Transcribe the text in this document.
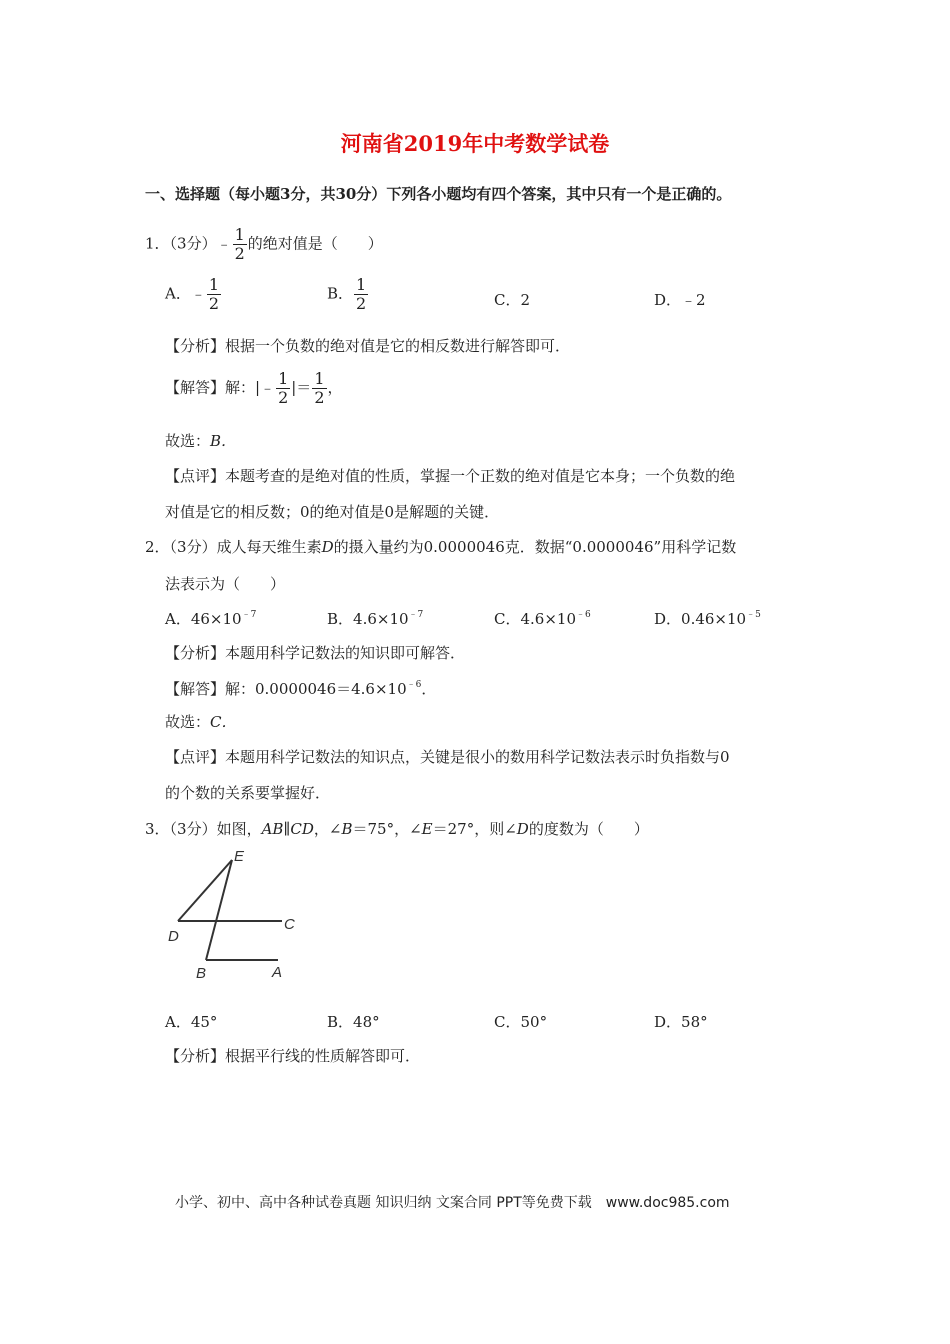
河南省2019年中考数学试卷
一、选择题（每小题3分，共30分）下列各小题均有四个答案，其中只有一个是正确的。
1．（3分）﹣ $\frac{1}{2}$ 的绝对值是（　　）
A．﹣ $\frac{1}{2}$	B． $\frac{1}{2}$	C．2	D．﹣2
【分析】根据一个负数的绝对值是它的相反数进行解答即可．
【解答】解：|﹣ $\frac{1}{2}$ |＝ $\frac{1}{2}$ ，
故选：B．
【点评】本题考查的是绝对值的性质，掌握一个正数的绝对值是它本身；一个负数的绝
对值是它的相反数；0的绝对值是0是解题的关键．
2．（3分）成人每天维生素D的摄入量约为0.0000046克．数据“0.0000046”用科学记数
法表示为（　　）
A．$46\times 10^{﹣7}$	B．$4.6\times 10^{﹣7}$	C．$4.6\times 10^{﹣6}$	D．$0.46\times 10^{﹣5}$
【分析】本题用科学记数法的知识即可解答．
【解答】解：$0.0000046=4.6\times 10^{﹣6}$．
故选：C．
【点评】本题用科学记数法的知识点，关键是很小的数用科学记数法表示时负指数与0
的个数的关系要掌握好．
3．（3分）如图，AB∥CD，∠B＝75°，∠E＝27°，则∠D的度数为（　　）
E
D
C
B	A
A．45°	B．48°	C．50°	D．58°
【分析】根据平行线的性质解答即可．
小学、初中、高中各种试卷真题 知识归纳 文案合同 PPT等免费下载　www.doc985.com
